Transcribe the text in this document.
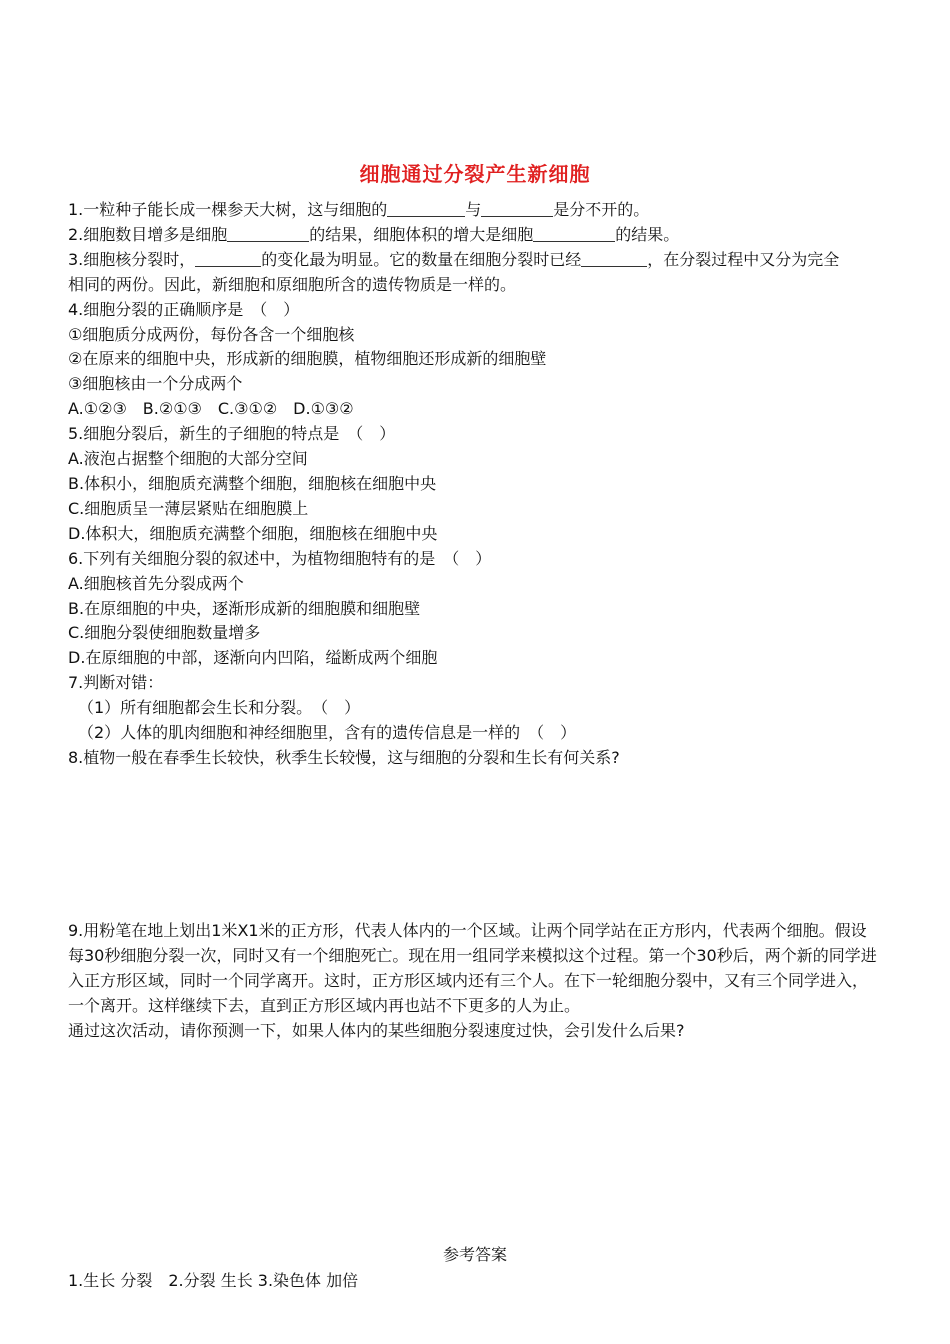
细胞通过分裂产生新细胞
1.一粒种子能长成一棵参天大树，这与细胞的	与	是分不开的。
2.细胞数目增多是细胞	的结果，细胞体积的增大是细胞	的结果。
3.细胞核分裂时，	的变化最为明显。它的数量在细胞分裂时已经	，在分裂过程中又分为完全
相同的两份。因此，新细胞和原细胞所含的遗传物质是一样的。
4.细胞分裂的正确顺序是　（　）
①细胞质分成两份，每份各含一个细胞核
②在原来的细胞中央，形成新的细胞膜，植物细胞还形成新的细胞壁
③细胞核由一个分成两个
A.①②③　B.②①③　C.③①②　D.①③②
5.细胞分裂后，新生的子细胞的特点是　（　）
A.液泡占据整个细胞的大部分空间
B.体积小，细胞质充满整个细胞，细胞核在细胞中央
C.细胞质呈一薄层紧贴在细胞膜上
D.体积大，细胞质充满整个细胞，细胞核在细胞中央
6.下列有关细胞分裂的叙述中，为植物细胞特有的是　（　）
A.细胞核首先分裂成两个
B.在原细胞的中央，逐渐形成新的细胞膜和细胞壁
C.细胞分裂使细胞数量增多
D.在原细胞的中部，逐渐向内凹陷，缢断成两个细胞
7.判断对错：
（1）所有细胞都会生长和分裂。　（　）
（2）人体的肌肉细胞和神经细胞里，含有的遗传信息是一样的　（　）
8.植物一般在春季生长较快，秋季生长较慢，这与细胞的分裂和生长有何关系?
9.用粉笔在地上划出1米X1米的正方形，代表人体内的一个区域。让两个同学站在正方形内，代表两个细胞。假设每30秒细胞分裂一次，同时又有一个细胞死亡。现在用一组同学来模拟这个过程。第一个30秒后，两个新的同学进入正方形区域，同时一个同学离开。这时，正方形区域内还有三个人。在下一轮细胞分裂中，又有三个同学进入，一个离开。这样继续下去，直到正方形区域内再也站不下更多的人为止。
通过这次活动，请你预测一下，如果人体内的某些细胞分裂速度过快，会引发什么后果?
参考答案
1.生长 分裂　2.分裂 生长 3.染色体 加倍
